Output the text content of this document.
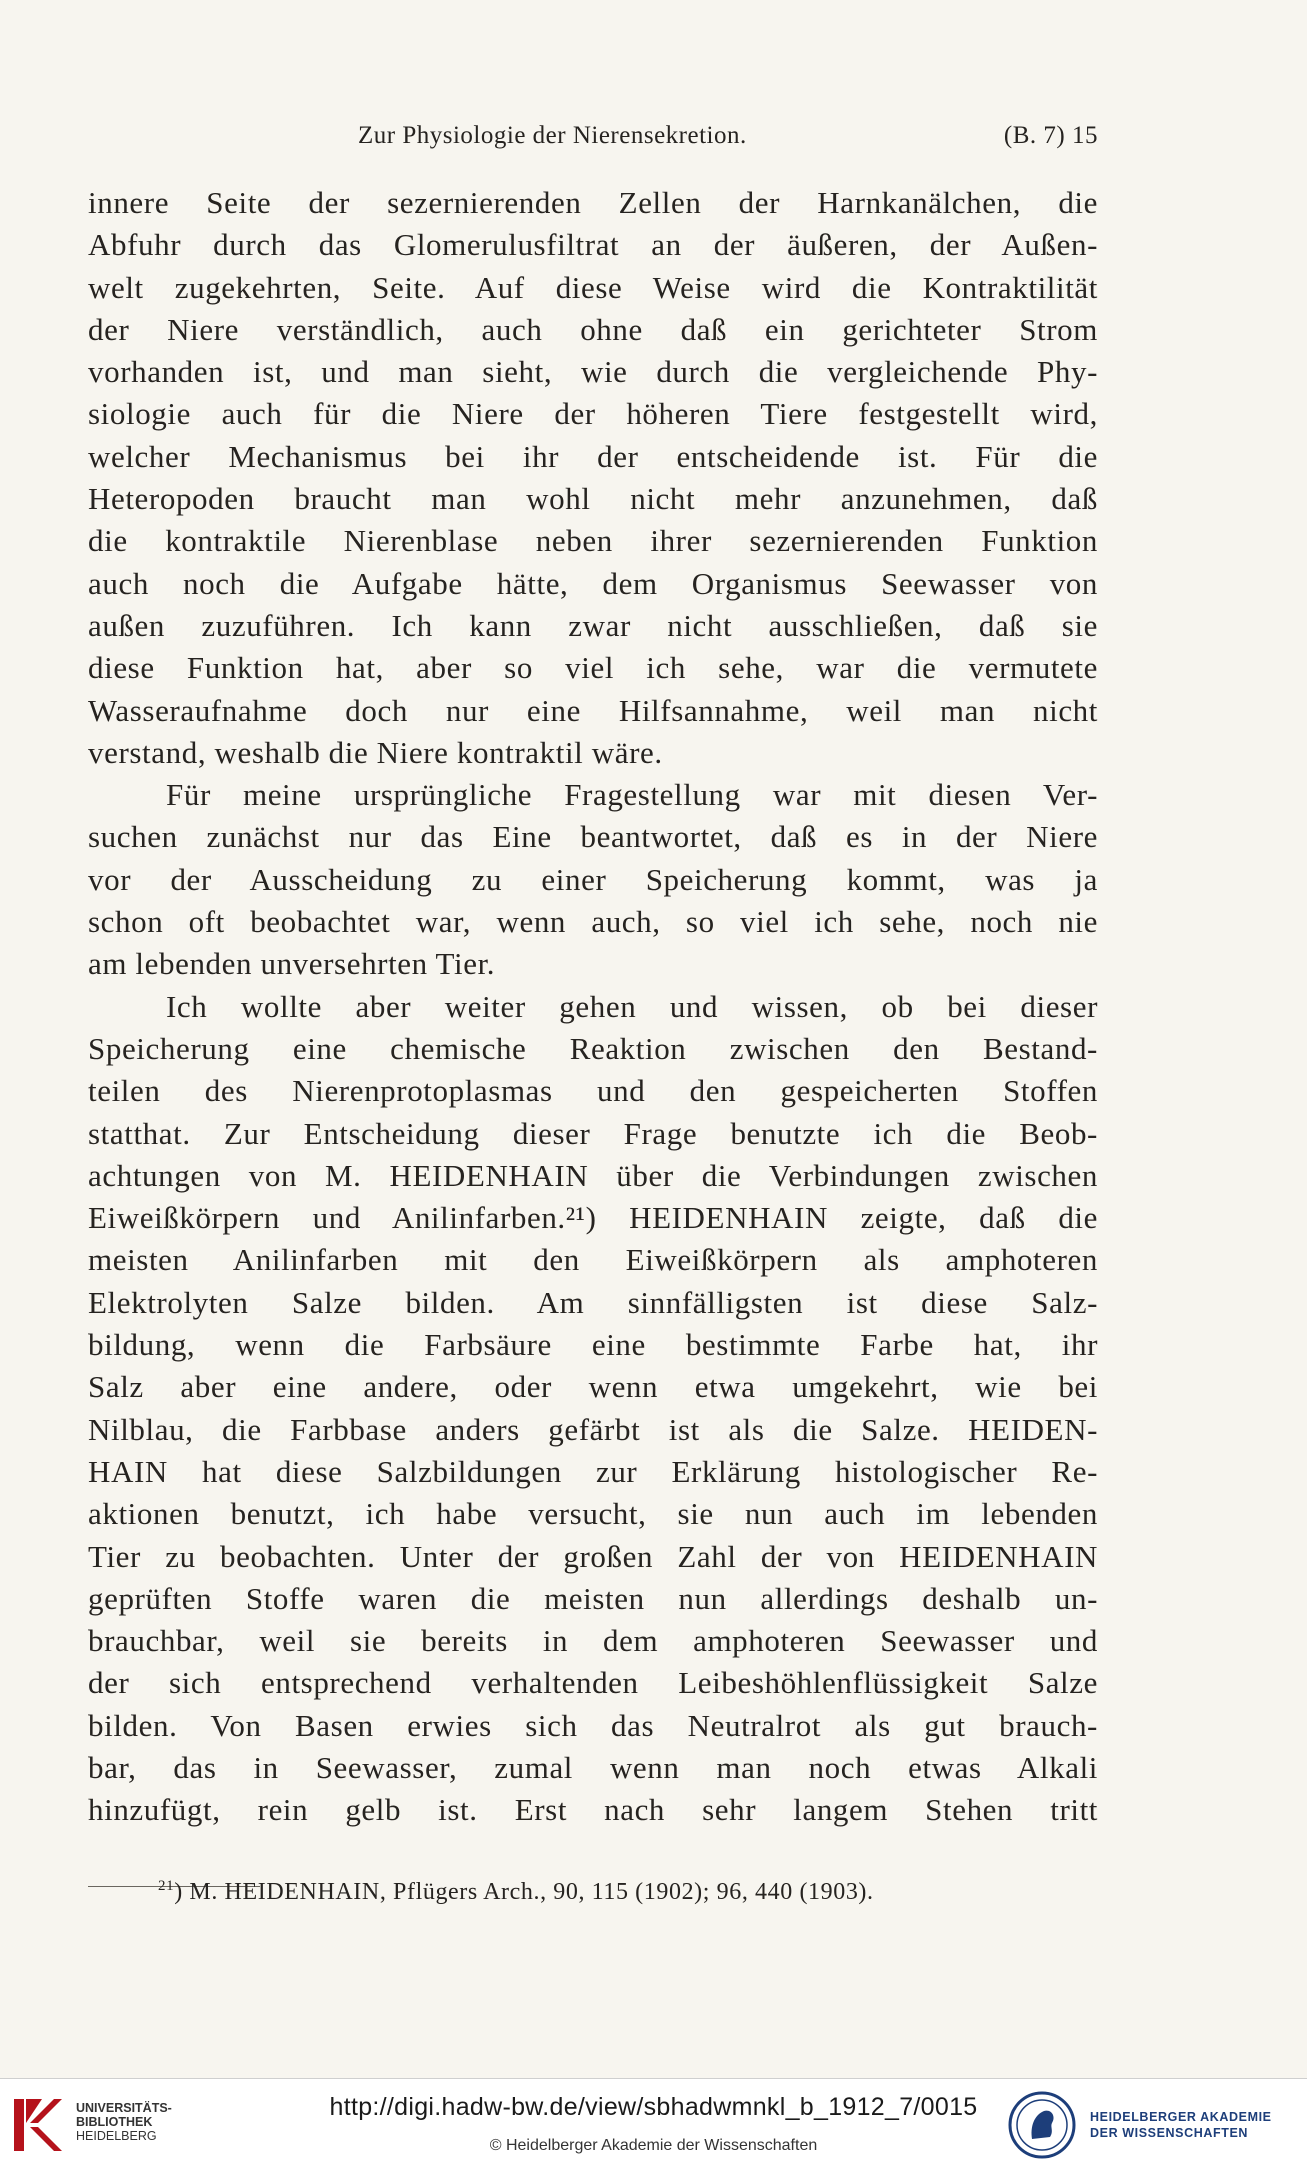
Zur Physiologie der Nierensekretion.	(B. 7) 15
innere Seite der sezernierenden Zellen der Harnkanälchen, die
Abfuhr durch das Glomerulusfiltrat an der äußeren, der Außen-
welt zugekehrten, Seite. Auf diese Weise wird die Kontraktilität
der Niere verständlich, auch ohne daß ein gerichteter Strom
vorhanden ist, und man sieht, wie durch die vergleichende Phy-
siologie auch für die Niere der höheren Tiere festgestellt wird,
welcher Mechanismus bei ihr der entscheidende ist. Für die
Heteropoden braucht man wohl nicht mehr anzunehmen, daß
die kontraktile Nierenblase neben ihrer sezernierenden Funktion
auch noch die Aufgabe hätte, dem Organismus Seewasser von
außen zuzuführen. Ich kann zwar nicht ausschließen, daß sie
diese Funktion hat, aber so viel ich sehe, war die vermutete
Wasseraufnahme doch nur eine Hilfsannahme, weil man nicht
verstand, weshalb die Niere kontraktil wäre.
Für meine ursprüngliche Fragestellung war mit diesen Ver-
suchen zunächst nur das Eine beantwortet, daß es in der Niere
vor der Ausscheidung zu einer Speicherung kommt, was ja
schon oft beobachtet war, wenn auch, so viel ich sehe, noch nie
am lebenden unversehrten Tier.
Ich wollte aber weiter gehen und wissen, ob bei dieser
Speicherung eine chemische Reaktion zwischen den Bestand-
teilen des Nierenprotoplasmas und den gespeicherten Stoffen
statthat. Zur Entscheidung dieser Frage benutzte ich die Beob-
achtungen von M. HEIDENHAIN über die Verbindungen zwischen
Eiweißkörpern und Anilinfarben.²¹) HEIDENHAIN zeigte, daß die
meisten Anilinfarben mit den Eiweißkörpern als amphoteren
Elektrolyten Salze bilden. Am sinnfälligsten ist diese Salz-
bildung, wenn die Farbsäure eine bestimmte Farbe hat, ihr
Salz aber eine andere, oder wenn etwa umgekehrt, wie bei
Nilblau, die Farbbase anders gefärbt ist als die Salze. HEIDEN-
HAIN hat diese Salzbildungen zur Erklärung histologischer Re-
aktionen benutzt, ich habe versucht, sie nun auch im lebenden
Tier zu beobachten. Unter der großen Zahl der von HEIDENHAIN
geprüften Stoffe waren die meisten nun allerdings deshalb un-
brauchbar, weil sie bereits in dem amphoteren Seewasser und
der sich entsprechend verhaltenden Leibeshöhlenflüssigkeit Salze
bilden. Von Basen erwies sich das Neutralrot als gut brauch-
bar, das in Seewasser, zumal wenn man noch etwas Alkali
hinzufügt, rein gelb ist. Erst nach sehr langem Stehen tritt
$^{21}$) M. HEIDENHAIN, Pflügers Arch., 90, 115 (1902); 96, 440 (1903).
UNIVERSITÄTS-
BIBLIOTHEK
HEIDELBERG
http://digi.hadw-bw.de/view/sbhadwmnkl_b_1912_7/0015
© Heidelberger Akademie der Wissenschaften
HEIDELBERGER AKADEMIE
DER WISSENSCHAFTEN
